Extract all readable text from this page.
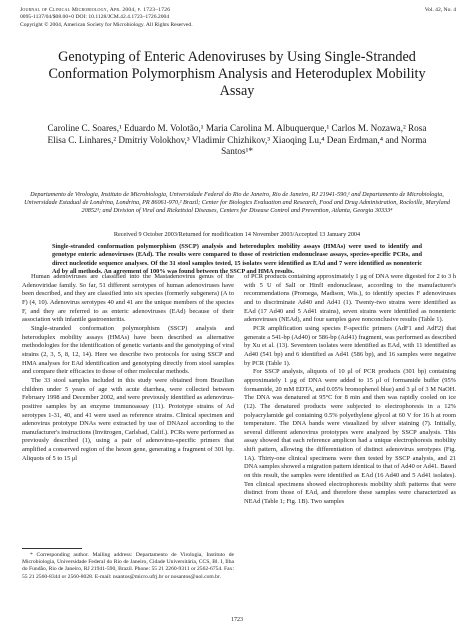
Journal of Clinical Microbiology, Apr. 2004, p. 1723–1726
0095-1137/04/$08.00+0 DOI: 10.1128/JCM.42.4.1723–1726.2004
Copyright © 2004, American Society for Microbiology. All Rights Reserved.
Vol. 42, No. 4
Genotyping of Enteric Adenoviruses by Using Single-Stranded Conformation Polymorphism Analysis and Heteroduplex Mobility Assay
Caroline C. Soares,¹ Eduardo M. Volotão,¹ Maria Carolina M. Albuquerque,¹ Carlos M. Nozawa,² Rosa Elisa C. Linhares,² Dmitriy Volokhov,³ Vladimir Chizhikov,³ Xiaoqing Lu,⁴ Dean Erdman,⁴ and Norma Santos¹*
Departamento de Virologia, Instituto de Microbiologia, Universidade Federal do Rio de Janeiro, Rio de Janeiro, RJ 21941-590,¹ and Departamento de Microbiologia, Universidade Estadual de Londrina, Londrina, PR 86061-970,² Brazil; Center for Biologics Evaluation and Research, Food and Drug Administration, Rockville, Maryland 20852³; and Division of Viral and Rickettsial Diseases, Centers for Disease Control and Prevention, Atlanta, Georgia 30333⁴
Received 9 October 2003/Returned for modification 14 November 2003/Accepted 13 January 2004
Single-stranded conformation polymorphism (SSCP) analysis and heteroduplex mobility assays (HMAs) were used to identify and genotype enteric adenoviruses (EAd). The results were compared to those of restriction endonuclease assays, species-specific PCRs, and direct nucleotide sequence analyses. Of the 31 stool samples tested, 15 isolates were identified as EAd and 7 were identified as nonenteric Ad by all methods. An agreement of 100% was found between the SSCP and HMA results.

Human adenoviruses are classified into the Mastadenovirus genus of the Adenoviridae family. So far, 51 different serotypes of human adenoviruses have been described, and they are classified into six species (formerly subgenera) (A to F) (4, 10). Adenovirus serotypes 40 and 41 are the unique members of the species F, and they are referred to as enteric adenoviruses (EAd) because of their association with infantile gastroenteritis.

Single-stranded conformation polymorphism (SSCP) analysis and heteroduplex mobility assays (HMAs) have been described as alternative methodologies for the identification of genetic variants and the genotyping of viral strains (2, 3, 5, 8, 12, 14). Here we describe two protocols for using SSCP and HMA analyses for EAd identification and genotyping directly from stool samples and compare their efficacies to those of other molecular methods.

The 33 stool samples included in this study were obtained from Brazilian children under 5 years of age with acute diarrhea, were collected between February 1998 and December 2002, and were previously identified as adenovirus-positive samples by an enzyme immunoassay (11). Prototype strains of Ad serotypes 1-31, 40, and 41 were used as reference strains. Clinical specimen and adenovirus prototype DNAs were extracted by use of DNAzol according to the manufacturer's instructions (Invitrogen, Carlsbad, Calif.). PCRs were performed as previously described (1), using a pair of adenovirus-specific primers that amplified a conserved region of the hexon gene, generating a fragment of 301 bp. Aliquots of 5 to 15 μl

* Corresponding author. Mailing address: Departamento de Virologia, Instituto de Microbiologia, Universidade Federal do Rio de Janeiro, Cidade Universitária, CCS, Bl. I, Ilha do Fundão, Rio de Janeiro, RJ 21941-590, Brazil. Phone: 55 21 2260-9311 or 2562-6754. Fax: 55 21 2560-8344 or 2560-8028. E-mail: nsantos@micro.ufrj.br or nosantos@uol.com.br.

of PCR products containing approximately 1 μg of DNA were digested for 2 to 3 h with 5 U of SalI or HinfI endonuclease, according to the manufacturer's recommendations (Promega, Madison, Wis.), to identify species F adenoviruses and to discriminate Ad40 and Ad41 (1). Twenty-two strains were identified as EAd (17 Ad40 and 5 Ad41 strains), seven strains were identified as nonenteric adenoviruses (NEAd), and four samples gave nonconclusive results (Table 1).

PCR amplification using species F-specific primers (AdF1 and AdF2) that generate a 541-bp (Ad40) or 586-bp (Ad41) fragment, was performed as described by Xu et al. (13). Seventeen isolates were identified as EAd, with 11 identified as Ad40 (541 bp) and 6 identified as Ad41 (586 bp), and 16 samples were negative by PCR (Table 1).

For SSCP analysis, aliquots of 10 μl of PCR products (301 bp) containing approximately 1 μg of DNA were added to 15 μl of formamide buffer (95% formamide, 20 mM EDTA, and 0.05% bromophenol blue) and 3 μl of 3 M NaOH. The DNA was denatured at 95°C for 8 min and then was rapidly cooled on ice (12). The denatured products were subjected to electrophoresis in a 12% polyacrylamide gel containing 0.5% polyethylene glycol at 60 V for 16 h at room temperature. The DNA bands were visualized by silver staining (7). Initially, several different adenovirus prototypes were analyzed by SSCP analysis. This assay showed that each reference amplicon had a unique electrophoresis mobility shift pattern, allowing the differentiation of distinct adenovirus serotypes (Fig. 1A). Thirty-one clinical specimens were then tested by SSCP analysis, and 21 DNA samples showed a migration pattern identical to that of Ad40 or Ad41. Based on this result, the samples were identified as EAd (16 Ad40 and 5 Ad41 isolates). Ten clinical specimens showed electrophoresis mobility shift patterns that were distinct from those of EAd, and therefore these samples were characterized as NEAd (Table 1; Fig. 1B). Two samples

1723
